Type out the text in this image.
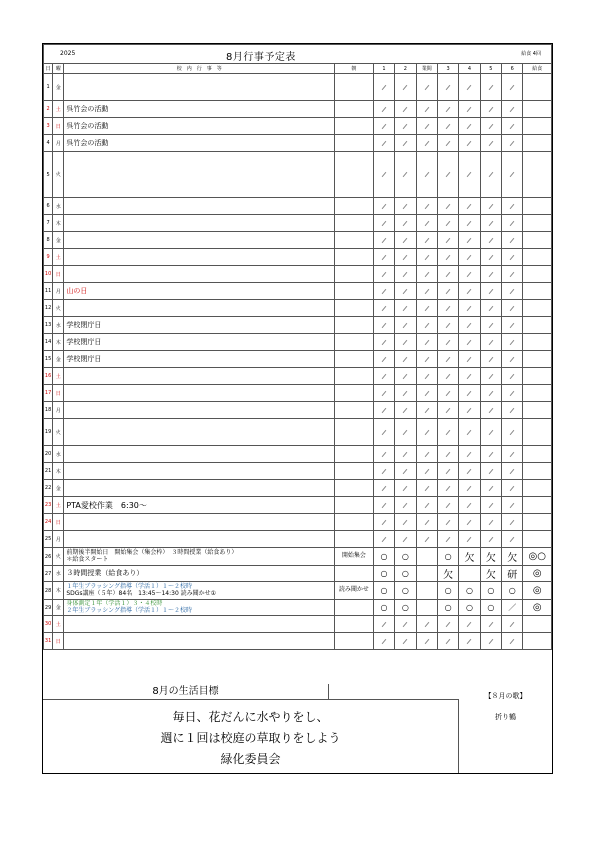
2025 8月行事予定表 給食 4回											

日	曜	校　内　行　事　等	朝	1	2	業間	3	4	5	6	給食
1	金	

2	土	呉竹会の活動									

3	日	呉竹会の活動									

4	月	呉竹会の活動									

5	火	

6	水	

7	木	

8	金	

9	土	

10	日	

11	月	山の日									

12	火	

13	水	学校閉庁日									

14	木	学校閉庁日									

15	金	学校閉庁日									

16	土	

17	日	

18	月	

19	火	

20	水	

21	木	

22	金	

23	土	PTA愛校作業　6:30〜									

24	日	

25	月	

26	火	前期後半開始日　開始集会（集会枠）　３時間授業（給食あり）
＊給食スタート	開始集会	○	○		○	欠	欠	欠	◎○
27	水	３時間授業（給食あり）		○	○		欠		欠	研	◎
28	木	１年生ブラッシング指導（学活１）１〜２校時
SDGs講座（５年）84名　13:45〜14:30 読み聞かせ①	読み聞かせ	○	○		○	○	○	○	◎
29	金	身体測定１年（学活１）３・４校時
２年生ブラッシング指導（学活１）１〜２校時		○	○		○	○	○	／	◎
30	土	

31	日	

8月の生活目標
毎日、花だんに水やりをし、
週に１回は校庭の草取りをしよう
緑化委員会
【８月の歌】
折り鶴
